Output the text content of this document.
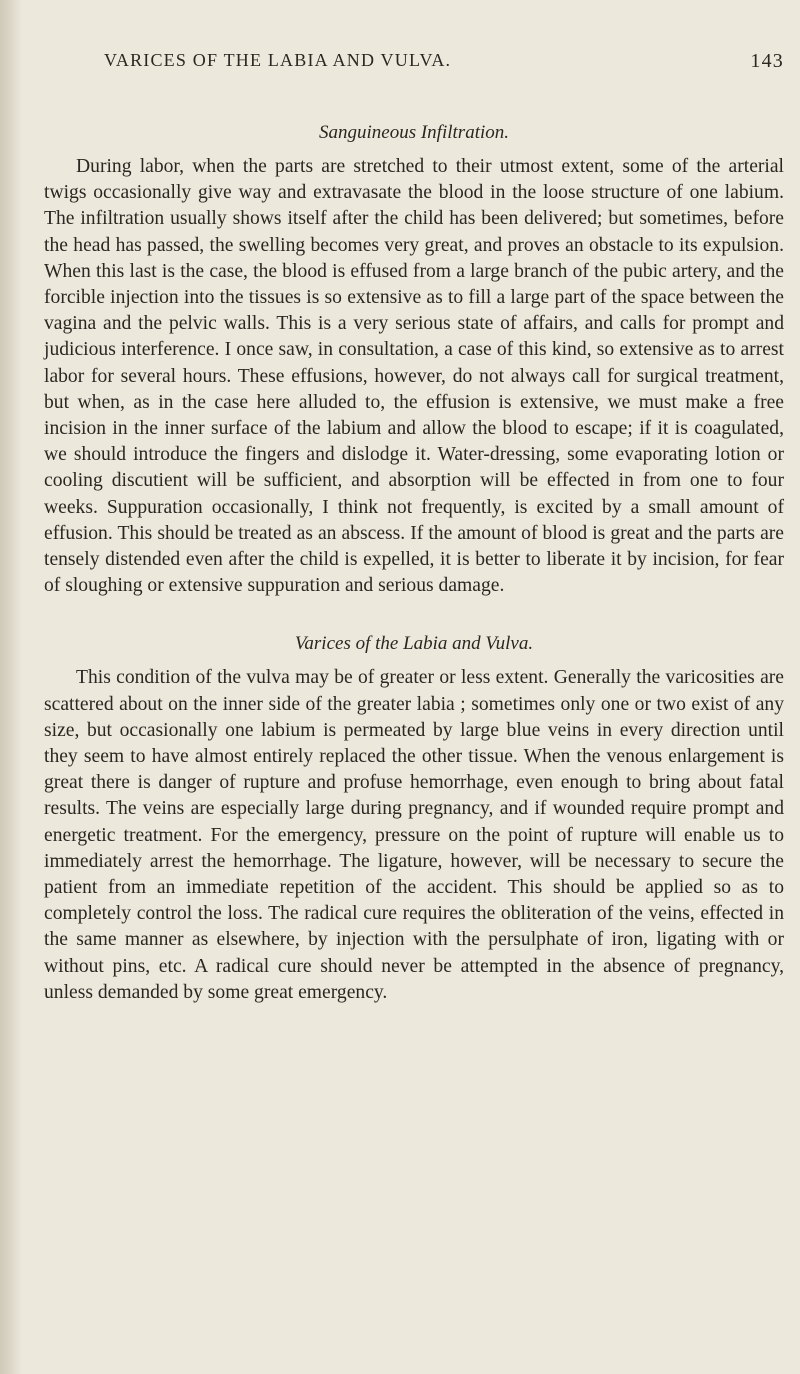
VARICES OF THE LABIA AND VULVA.	143
Sanguineous Infiltration.

During labor, when the parts are stretched to their utmost extent, some of the arterial twigs occasionally give way and extravasate the blood in the loose structure of one labium. The infiltration usually shows itself after the child has been delivered; but sometimes, before the head has passed, the swelling becomes very great, and proves an obstacle to its expulsion. When this last is the case, the blood is effused from a large branch of the pubic artery, and the forcible injection into the tissues is so extensive as to fill a large part of the space between the vagina and the pelvic walls. This is a very serious state of affairs, and calls for prompt and judicious interference. I once saw, in consultation, a case of this kind, so extensive as to arrest labor for several hours. These effusions, however, do not always call for surgical treatment, but when, as in the case here alluded to, the effusion is extensive, we must make a free incision in the inner surface of the labium and allow the blood to escape; if it is coagulated, we should introduce the fingers and dislodge it. Water-dressing, some evaporating lotion or cooling discutient will be sufficient, and absorption will be effected in from one to four weeks. Suppuration occasionally, I think not frequently, is excited by a small amount of effusion. This should be treated as an abscess. If the amount of blood is great and the parts are tensely distended even after the child is expelled, it is better to liberate it by incision, for fear of sloughing or extensive suppuration and serious damage.

Varices of the Labia and Vulva.

This condition of the vulva may be of greater or less extent. Generally the varicosities are scattered about on the inner side of the greater labia ; sometimes only one or two exist of any size, but occasionally one labium is permeated by large blue veins in every direction until they seem to have almost entirely replaced the other tissue. When the venous enlargement is great there is danger of rupture and profuse hemorrhage, even enough to bring about fatal results. The veins are especially large during pregnancy, and if wounded require prompt and energetic treatment. For the emergency, pressure on the point of rupture will enable us to immediately arrest the hemorrhage. The ligature, however, will be necessary to secure the patient from an immediate repetition of the accident. This should be applied so as to completely control the loss. The radical cure requires the obliteration of the veins, effected in the same manner as elsewhere, by injection with the persulphate of iron, ligating with or without pins, etc. A radical cure should never be attempted in the absence of pregnancy, unless demanded by some great emergency.
